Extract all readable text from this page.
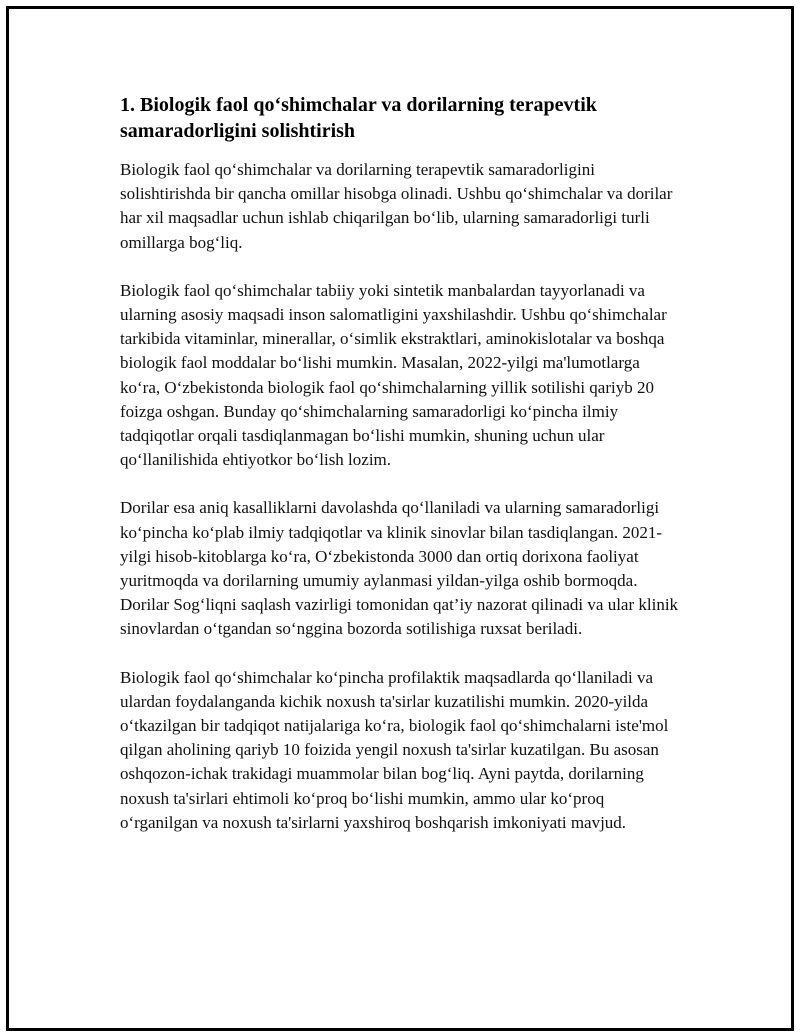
1. Biologik faol qo‘shimchalar va dorilarning terapevtik samaradorligini solishtirish

Biologik faol qo‘shimchalar va dorilarning terapevtik samaradorligini solishtirishda bir qancha omillar hisobga olinadi. Ushbu qo‘shimchalar va dorilar har xil maqsadlar uchun ishlab chiqarilgan bo‘lib, ularning samaradorligi turli omillarga bog‘liq.

Biologik faol qo‘shimchalar tabiiy yoki sintetik manbalardan tayyorlanadi va ularning asosiy maqsadi inson salomatligini yaxshilashdir. Ushbu qo‘shimchalar tarkibida vitaminlar, minerallar, o‘simlik ekstraktlari, aminokislotalar va boshqa biologik faol moddalar bo‘lishi mumkin. Masalan, 2022-yilgi ma'lumotlarga ko‘ra, O‘zbekistonda biologik faol qo‘shimchalarning yillik sotilishi qariyb 20 foizga oshgan. Bunday qo‘shimchalarning samaradorligi ko‘pincha ilmiy tadqiqotlar orqali tasdiqlanmagan bo‘lishi mumkin, shuning uchun ular qo‘llanilishida ehtiyotkor bo‘lish lozim.

Dorilar esa aniq kasalliklarni davolashda qo‘llaniladi va ularning samaradorligi ko‘pincha ko‘plab ilmiy tadqiqotlar va klinik sinovlar bilan tasdiqlangan. 2021-yilgi hisob-kitoblarga ko‘ra, O‘zbekistonda 3000 dan ortiq dorixona faoliyat yuritmoqda va dorilarning umumiy aylanmasi yildan-yilga oshib bormoqda. Dorilar Sog‘liqni saqlash vazirligi tomonidan qat’iy nazorat qilinadi va ular klinik sinovlardan o‘tgandan so‘nggina bozorda sotilishiga ruxsat beriladi.

Biologik faol qo‘shimchalar ko‘pincha profilaktik maqsadlarda qo‘llaniladi va ulardan foydalanganda kichik noxush ta'sirlar kuzatilishi mumkin. 2020-yilda o‘tkazilgan bir tadqiqot natijalariga ko‘ra, biologik faol qo‘shimchalarni iste'mol qilgan aholining qariyb 10 foizida yengil noxush ta'sirlar kuzatilgan. Bu asosan oshqozon-ichak trakidagi muammolar bilan bog‘liq. Ayni paytda, dorilarning noxush ta'sirlari ehtimoli ko‘proq bo‘lishi mumkin, ammo ular ko‘proq o‘rganilgan va noxush ta'sirlarni yaxshiroq boshqarish imkoniyati mavjud.
